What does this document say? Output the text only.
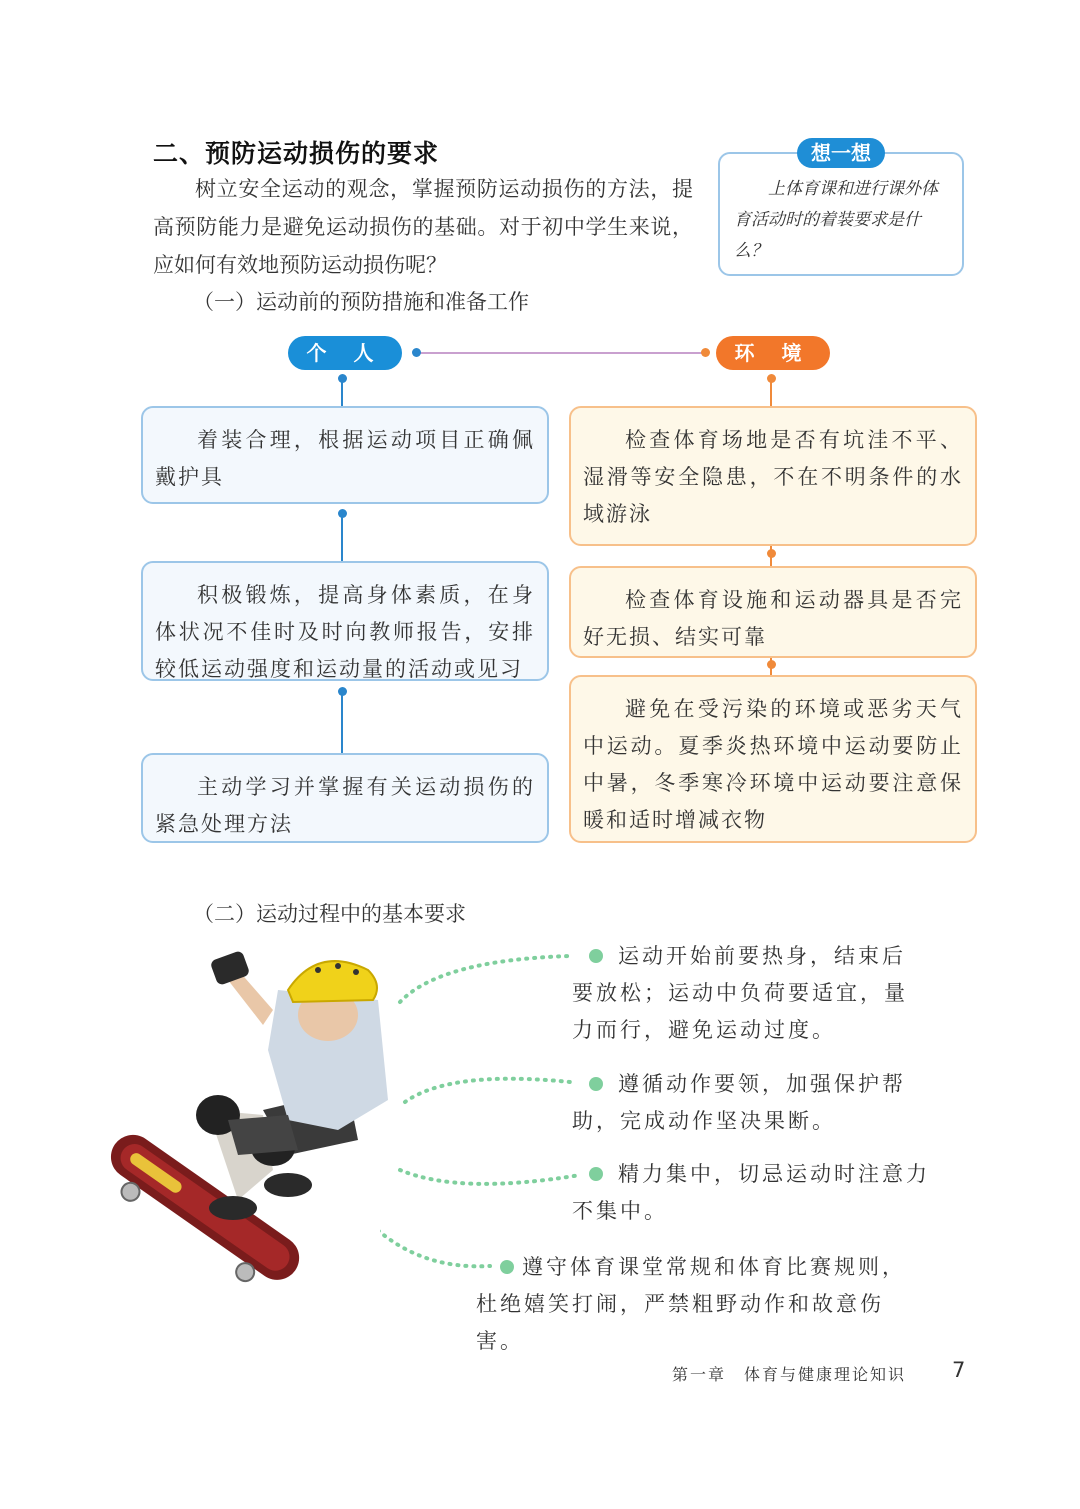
二、预防运动损伤的要求
树立安全运动的观念，掌握预防运动损伤的方法，提高预防能力是避免运动损伤的基础。对于初中学生来说，应如何有效地预防运动损伤呢？
想一想
上体育课和进行课外体育活动时的着装要求是什么？
（一）运动前的预防措施和准备工作
个 人	环 境
着装合理，根据运动项目正确佩戴护具
积极锻炼，提高身体素质，在身体状况不佳时及时向教师报告，安排较低运动强度和运动量的活动或见习
主动学习并掌握有关运动损伤的紧急处理方法
检查体育场地是否有坑洼不平、湿滑等安全隐患，不在不明条件的水域游泳
检查体育设施和运动器具是否完好无损、结实可靠
避免在受污染的环境或恶劣天气中运动。夏季炎热环境中运动要防止中暑，冬季寒冷环境中运动要注意保暖和适时增减衣物
（二）运动过程中的基本要求
运动开始前要热身，结束后要放松；运动中负荷要适宜，量力而行，避免运动过度。
遵循动作要领，加强保护帮助，完成动作坚决果断。
精力集中，切忌运动时注意力不集中。
遵守体育课堂常规和体育比赛规则，杜绝嬉笑打闹，严禁粗野动作和故意伤害。
第一章　体育与健康理论知识 7
